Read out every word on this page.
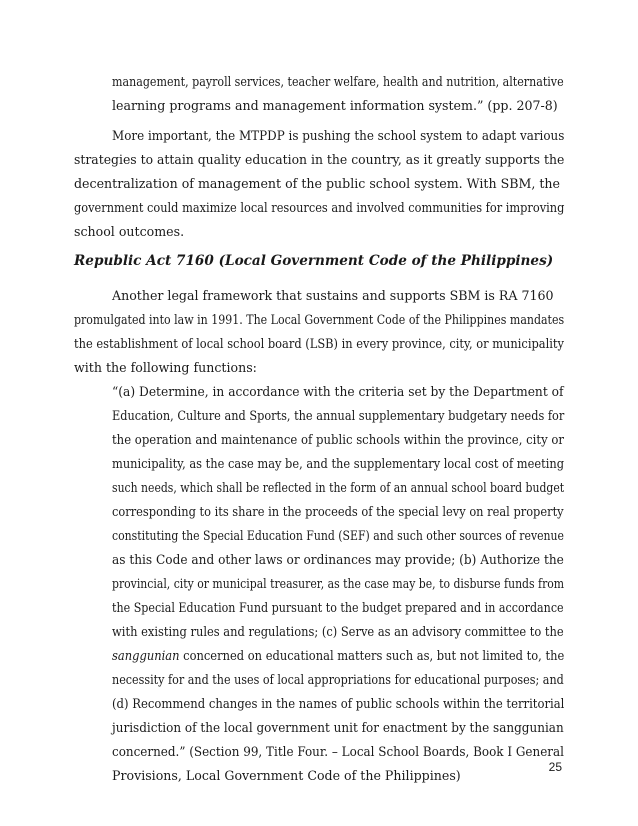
management, payroll services, teacher welfare, health and nutrition, alternative
learning programs and management information system.” (pp. 207-8)
More important, the MTPDP is pushing the school system to adapt various
strategies to attain quality education in the country, as it greatly supports the
decentralization of management of the public school system. With SBM, the
government could maximize local resources and involved communities for improving
school outcomes.
Republic Act 7160 (Local Government Code of the Philippines)
Another legal framework that sustains and supports SBM is RA 7160
promulgated into law in 1991. The Local Government Code of the Philippines mandates
the establishment of local school board (LSB) in every province, city, or municipality
with the following functions:
“(a) Determine, in accordance with the criteria set by the Department of
Education, Culture and Sports, the annual supplementary budgetary needs for
the operation and maintenance of public schools within the province, city or
municipality, as the case may be, and the supplementary local cost of meeting
such needs, which shall be reflected in the form of an annual school board budget
corresponding to its share in the proceeds of the special levy on real property
constituting the Special Education Fund (SEF) and such other sources of revenue
as this Code and other laws or ordinances may provide; (b) Authorize the
provincial, city or municipal treasurer, as the case may be, to disburse funds from
the Special Education Fund pursuant to the budget prepared and in accordance
with existing rules and regulations; (c) Serve as an advisory committee to the
sanggunian concerned on educational matters such as, but not limited to, the
necessity for and the uses of local appropriations for educational purposes; and
(d) Recommend changes in the names of public schools within the territorial
jurisdiction of the local government unit for enactment by the sanggunian
concerned.” (Section 99, Title Four. – Local School Boards, Book I General
Provisions, Local Government Code of the Philippines)
25
